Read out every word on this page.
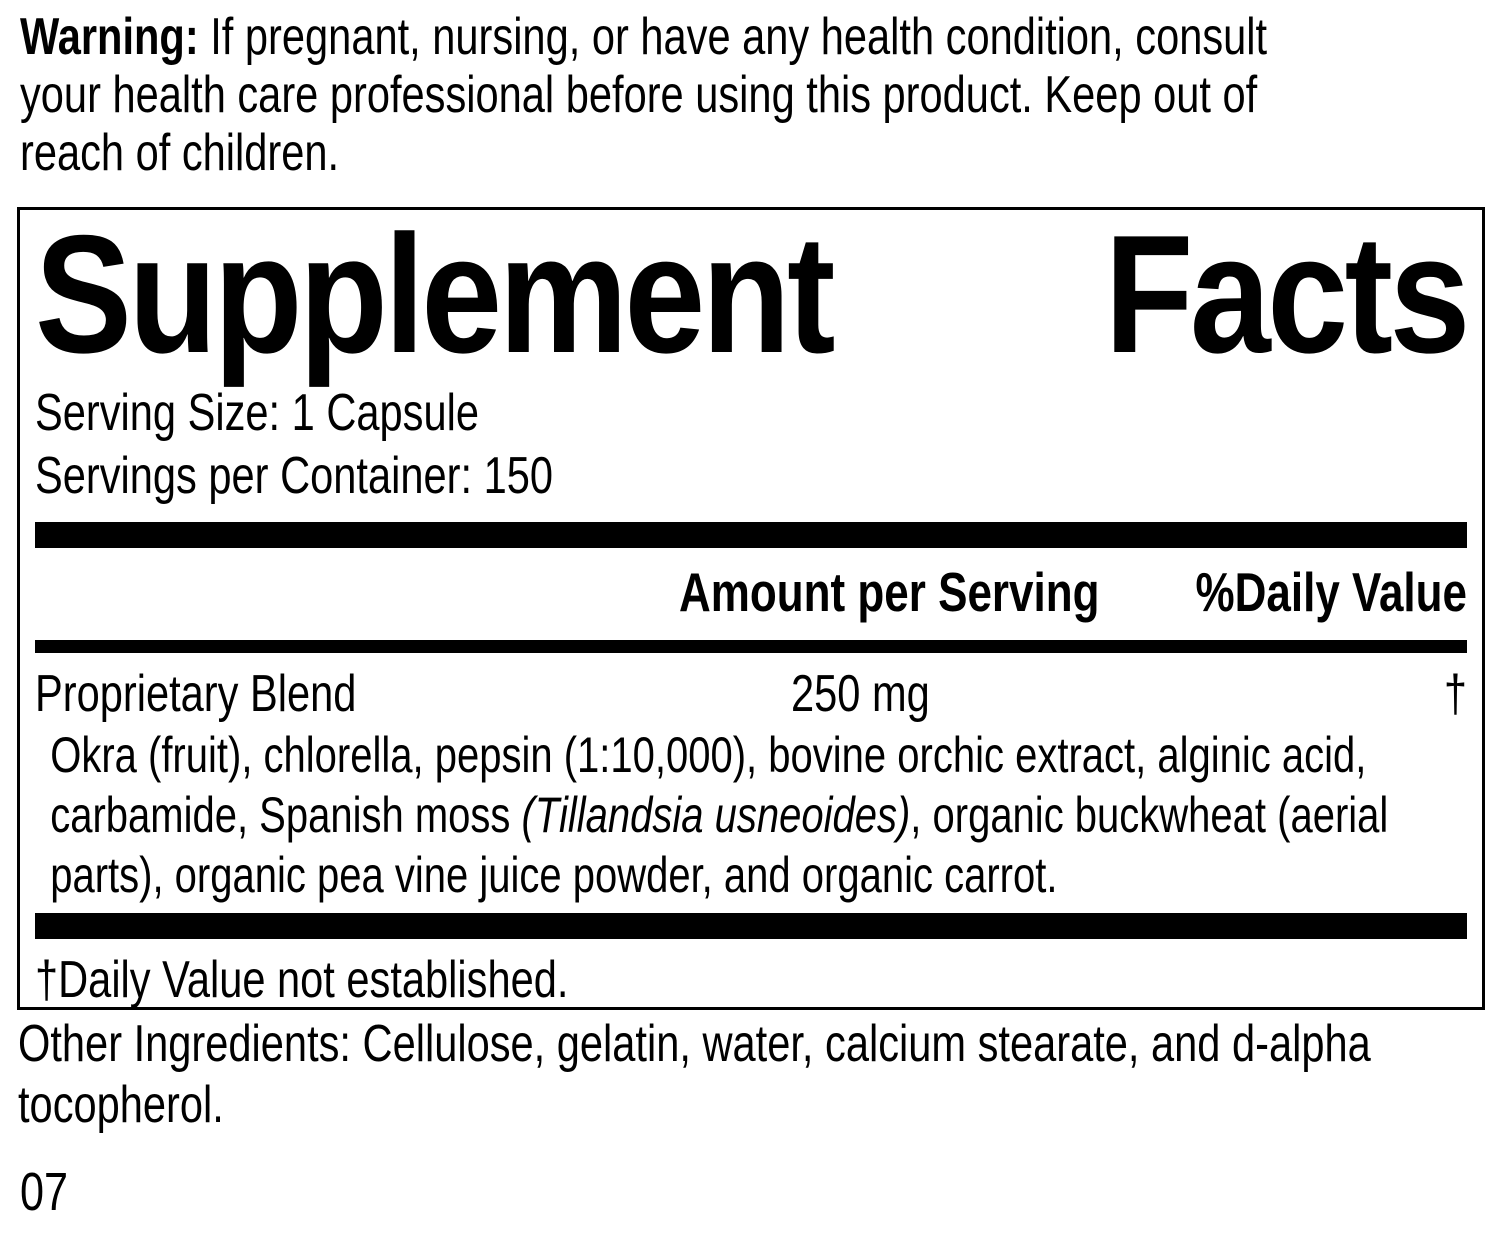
Warning: If pregnant, nursing, or have any health condition, consult
your health care professional before using this product. Keep out of
reach of children.

Supplement Facts
Serving Size: 1 Capsule
Servings per Container: 150
Amount per Serving %Daily Value
Proprietary Blend	250 mg	†
Okra (fruit), chlorella, pepsin (1:10,000), bovine orchic extract, alginic acid,
carbamide, Spanish moss (Tillandsia usneoides), organic buckwheat (aerial
parts), organic pea vine juice powder, and organic carrot.
†Daily Value not established.

Other Ingredients: Cellulose, gelatin, water, calcium stearate, and d-alpha
tocopherol.

07
